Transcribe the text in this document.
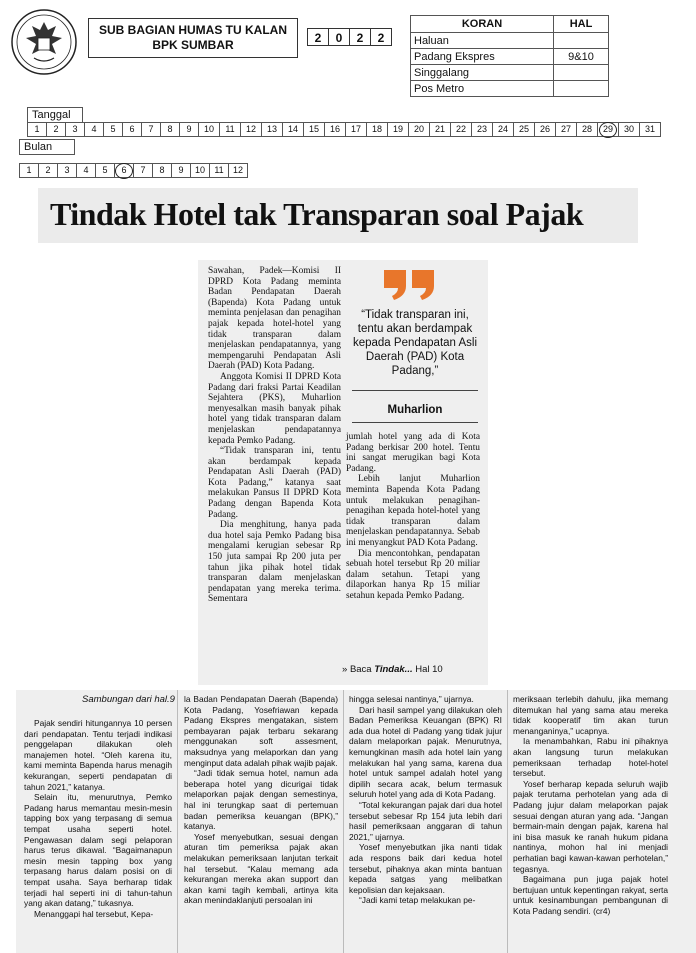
SUB BAGIAN HUMAS TU KALAN
BPK SUMBAR	2	0	2	2
KORAN	HAL
Haluan	
Padang Ekspres	9&10
Singgalang	
Pos Metro	
Tanggal
1	2	3	4	5	6	7	8	9	10	11	12	13	14	15	16	17	18	19	20	21	22	23	24	25	26	27	28	29	30	31
Bulan
1	2	3	4	5	6	7	8	9	10	11	12
Tindak Hotel tak Transparan soal Pajak

Sawahan, Padek—Komisi II DPRD Kota Padang meminta Badan Pendapatan Daerah (Bapenda) Kota Padang untuk meminta penjelasan dan penagihan pajak kepada hotel-hotel yang tidak transparan dalam menjelaskan pendapatannya, yang mempengaruhi Pendapatan Asli Daerah (PAD) Kota Padang.

Anggota Komisi II DPRD Kota Padang dari fraksi Partai Keadilan Sejahtera (PKS), Muharlion menyesalkan masih banyak pihak hotel yang tidak transparan dalam menjelaskan pendapatannya kepada Pemko Padang.

“Tidak transparan ini, tentu akan berdampak kepada Pendapatan Asli Daerah (PAD) Kota Padang,” katanya saat melakukan Pansus II DPRD Kota Padang dengan Bapenda Kota Padang.

Dia menghitung, hanya pada dua hotel saja Pemko Padang bisa mengalami kerugian sebesar Rp 150 juta sampai Rp 200 juta per tahun jika pihak hotel tidak transparan dalam menjelaskan pendapatan yang mereka terima. Sementara

“Tidak transparan ini, tentu akan berdampak kepada Pendapatan Asli Daerah (PAD) Kota Padang,”
Muharlion

jumlah hotel yang ada di Kota Padang berkisar 200 hotel. Tentu ini sangat merugikan bagi Kota Padang.

Lebih lanjut Muharlion meminta Bapenda Kota Padang untuk melakukan penagihan-penagihan kepada hotel-hotel yang tidak transparan dalam menjelaskan pendapatannya. Sebab ini menyangkut PAD Kota Padang.

Dia mencontohkan, pendapatan sebuah hotel tersebut Rp 20 miliar dalam setahun. Tetapi yang dilaporkan hanya Rp 15 miliar setahun kepada Pemko Padang.

» Baca Tindak... Hal 10
Sambungan dari hal.9

Pajak sendiri hitungannya 10 persen dari pendapatan. Tentu terjadi indikasi penggelapan dilakukan oleh manajemen hotel. “Oleh karena itu, kami meminta Bapenda harus menagih kekurangan, seperti pendapatan di tahun 2021,” katanya.

Selain itu, menurutnya, Pemko Padang harus memantau mesin-mesin tapping box yang terpasang di semua tempat usaha seperti hotel. Pengawasan dalam segi pelaporan harus terus dikawal. “Bagaimanapun mesin mesin tapping box yang terpasang harus dalam posisi on di tempat usaha. Saya berharap tidak terjadi hal seperti ini di tahun-tahun yang akan datang,” tukasnya.

Menanggapi hal tersebut, Kepa-

la Badan Pendapatan Daerah (Bapenda) Kota Padang, Yosefriawan kepada Padang Ekspres mengatakan, sistem pembayaran pajak terbaru sekarang menggunakan soft assesment, maksudnya yang melaporkan dan yang menginput data adalah pihak wajib pajak.

“Jadi tidak semua hotel, namun ada beberapa hotel yang dicurigai tidak melaporkan pajak dengan semestinya, hal ini terungkap saat di pertemuan badan pemeriksa keuangan (BPK),” katanya.

Yosef menyebutkan, sesuai dengan aturan tim pemeriksa pajak akan melakukan pemeriksaan lanjutan terkait hal tersebut. “Kalau memang ada kekurangan mereka akan support dan akan kami tagih kembali, artinya kita akan menindaklanjuti persoalan ini

hingga selesai nantinya,” ujarnya.

Dari hasil sampel yang dilakukan oleh Badan Pemeriksa Keuangan (BPK) RI ada dua hotel di Padang yang tidak jujur dalam melaporkan pajak. Menurutnya, kemungkinan masih ada hotel lain yang melakukan hal yang sama, karena dua hotel untuk sampel adalah hotel yang dipilih secara acak, belum termasuk seluruh hotel yang ada di Kota Padang.

“Total kekurangan pajak dari dua hotel tersebut sebesar Rp 154 juta lebih dari hasil pemeriksaan anggaran di tahun 2021,” ujarnya.

Yosef menyebutkan jika nanti tidak ada respons baik dari kedua hotel tersebut, pihaknya akan minta bantuan kepada satgas yang melibatkan kepolisian dan kejaksaan.

“Jadi kami tetap melakukan pe-

meriksaan terlebih dahulu, jika memang ditemukan hal yang sama atau mereka tidak kooperatif tim akan turun menanganinya,” ucapnya.

Ia menambahkan, Rabu ini pihaknya akan langsung turun melakukan pemeriksaan terhadap hotel-hotel tersebut.

Yosef berharap kepada seluruh wajib pajak terutama perhotelan yang ada di Padang jujur dalam melaporkan pajak sesuai dengan aturan yang ada. “Jangan bermain-main dengan pajak, karena hal ini bisa masuk ke ranah hukum pidana nantinya, mohon hal ini menjadi perhatian bagi kawan-kawan perhotelan,” tegasnya.

Bagaimana pun juga pajak hotel bertujuan untuk kepentingan rakyat, serta untuk kesinambungan pembangunan di Kota Padang sendiri. (cr4)
